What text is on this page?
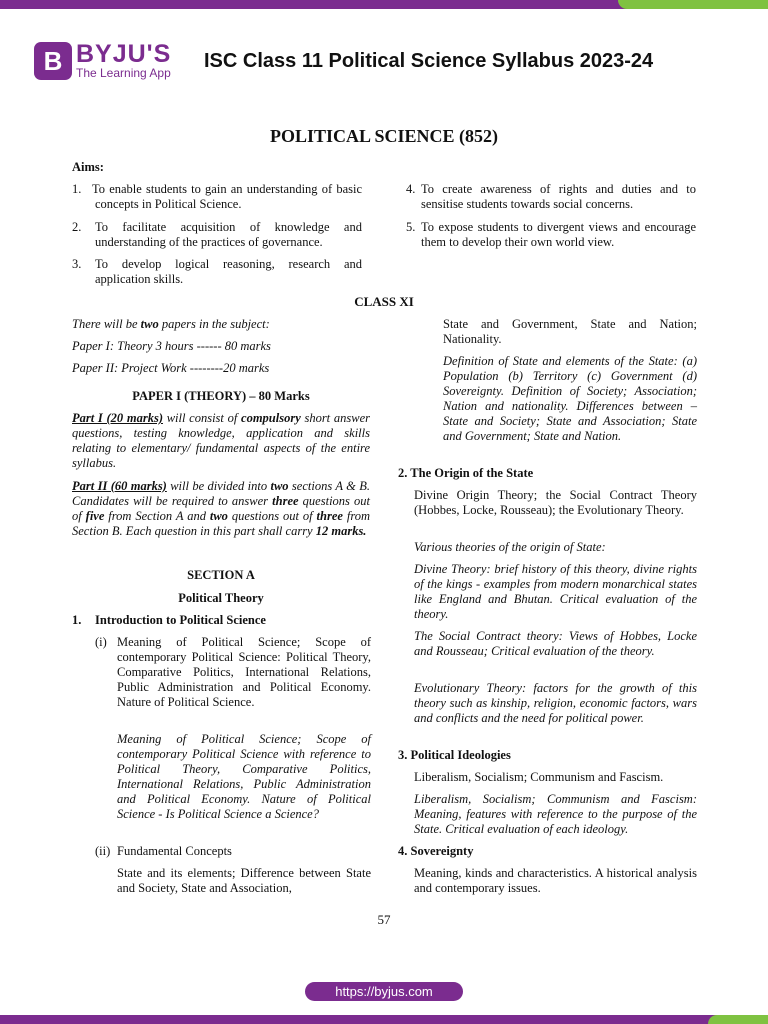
B BYJU'S
The Learning App
ISC Class 11 Political Science Syllabus 2023-24
POLITICAL SCIENCE (852)
Aims:
1. To enable students to gain an understanding of basic concepts in Political Science.
2. To facilitate acquisition of knowledge and understanding of the practices of governance.
3. To develop logical reasoning, research and application skills.
4. To create awareness of rights and duties and to sensitise students towards social concerns.
5. To expose students to divergent views and encourage them to develop their own world view.
CLASS XI
There will be two papers in the subject:
Paper I: Theory 3 hours ------ 80 marks
Paper II: Project Work --------20 marks
PAPER I (THEORY) – 80 Marks
Part I (20 marks) will consist of compulsory short answer questions, testing knowledge, application and skills relating to elementary/ fundamental aspects of the entire syllabus.
Part II (60 marks) will be divided into two sections A & B. Candidates will be required to answer three questions out of five from Section A and two questions out of three from Section B. Each question in this part shall carry 12 marks.
SECTION A
Political Theory
1. Introduction to Political Science
(i) Meaning of Political Science; Scope of contemporary Political Science: Political Theory, Comparative Politics, International Relations, Public Administration and Political Economy. Nature of Political Science.
Meaning of Political Science; Scope of contemporary Political Science with reference to Political Theory, Comparative Politics, International Relations, Public Administration and Political Economy. Nature of Political Science - Is Political Science a Science?
(ii) Fundamental Concepts
State and its elements; Difference between State and Society, State and Association,
State and Government, State and Nation; Nationality.
Definition of State and elements of the State: (a) Population (b) Territory (c) Government (d) Sovereignty. Definition of Society; Association; Nation and nationality. Differences between – State and Society; State and Association; State and Government; State and Nation.
2. The Origin of the State
Divine Origin Theory; the Social Contract Theory (Hobbes, Locke, Rousseau); the Evolutionary Theory.
Various theories of the origin of State:
Divine Theory: brief history of this theory, divine rights of the kings - examples from modern monarchical states like England and Bhutan. Critical evaluation of the theory.
The Social Contract theory: Views of Hobbes, Locke and Rousseau; Critical evaluation of the theory.
Evolutionary Theory: factors for the growth of this theory such as kinship, religion, economic factors, wars and conflicts and the need for political power.
3. Political Ideologies
Liberalism, Socialism; Communism and Fascism.
Liberalism, Socialism; Communism and Fascism: Meaning, features with reference to the purpose of the State. Critical evaluation of each ideology.
4. Sovereignty
Meaning, kinds and characteristics. A historical analysis and contemporary issues.
57
https://byjus.com
